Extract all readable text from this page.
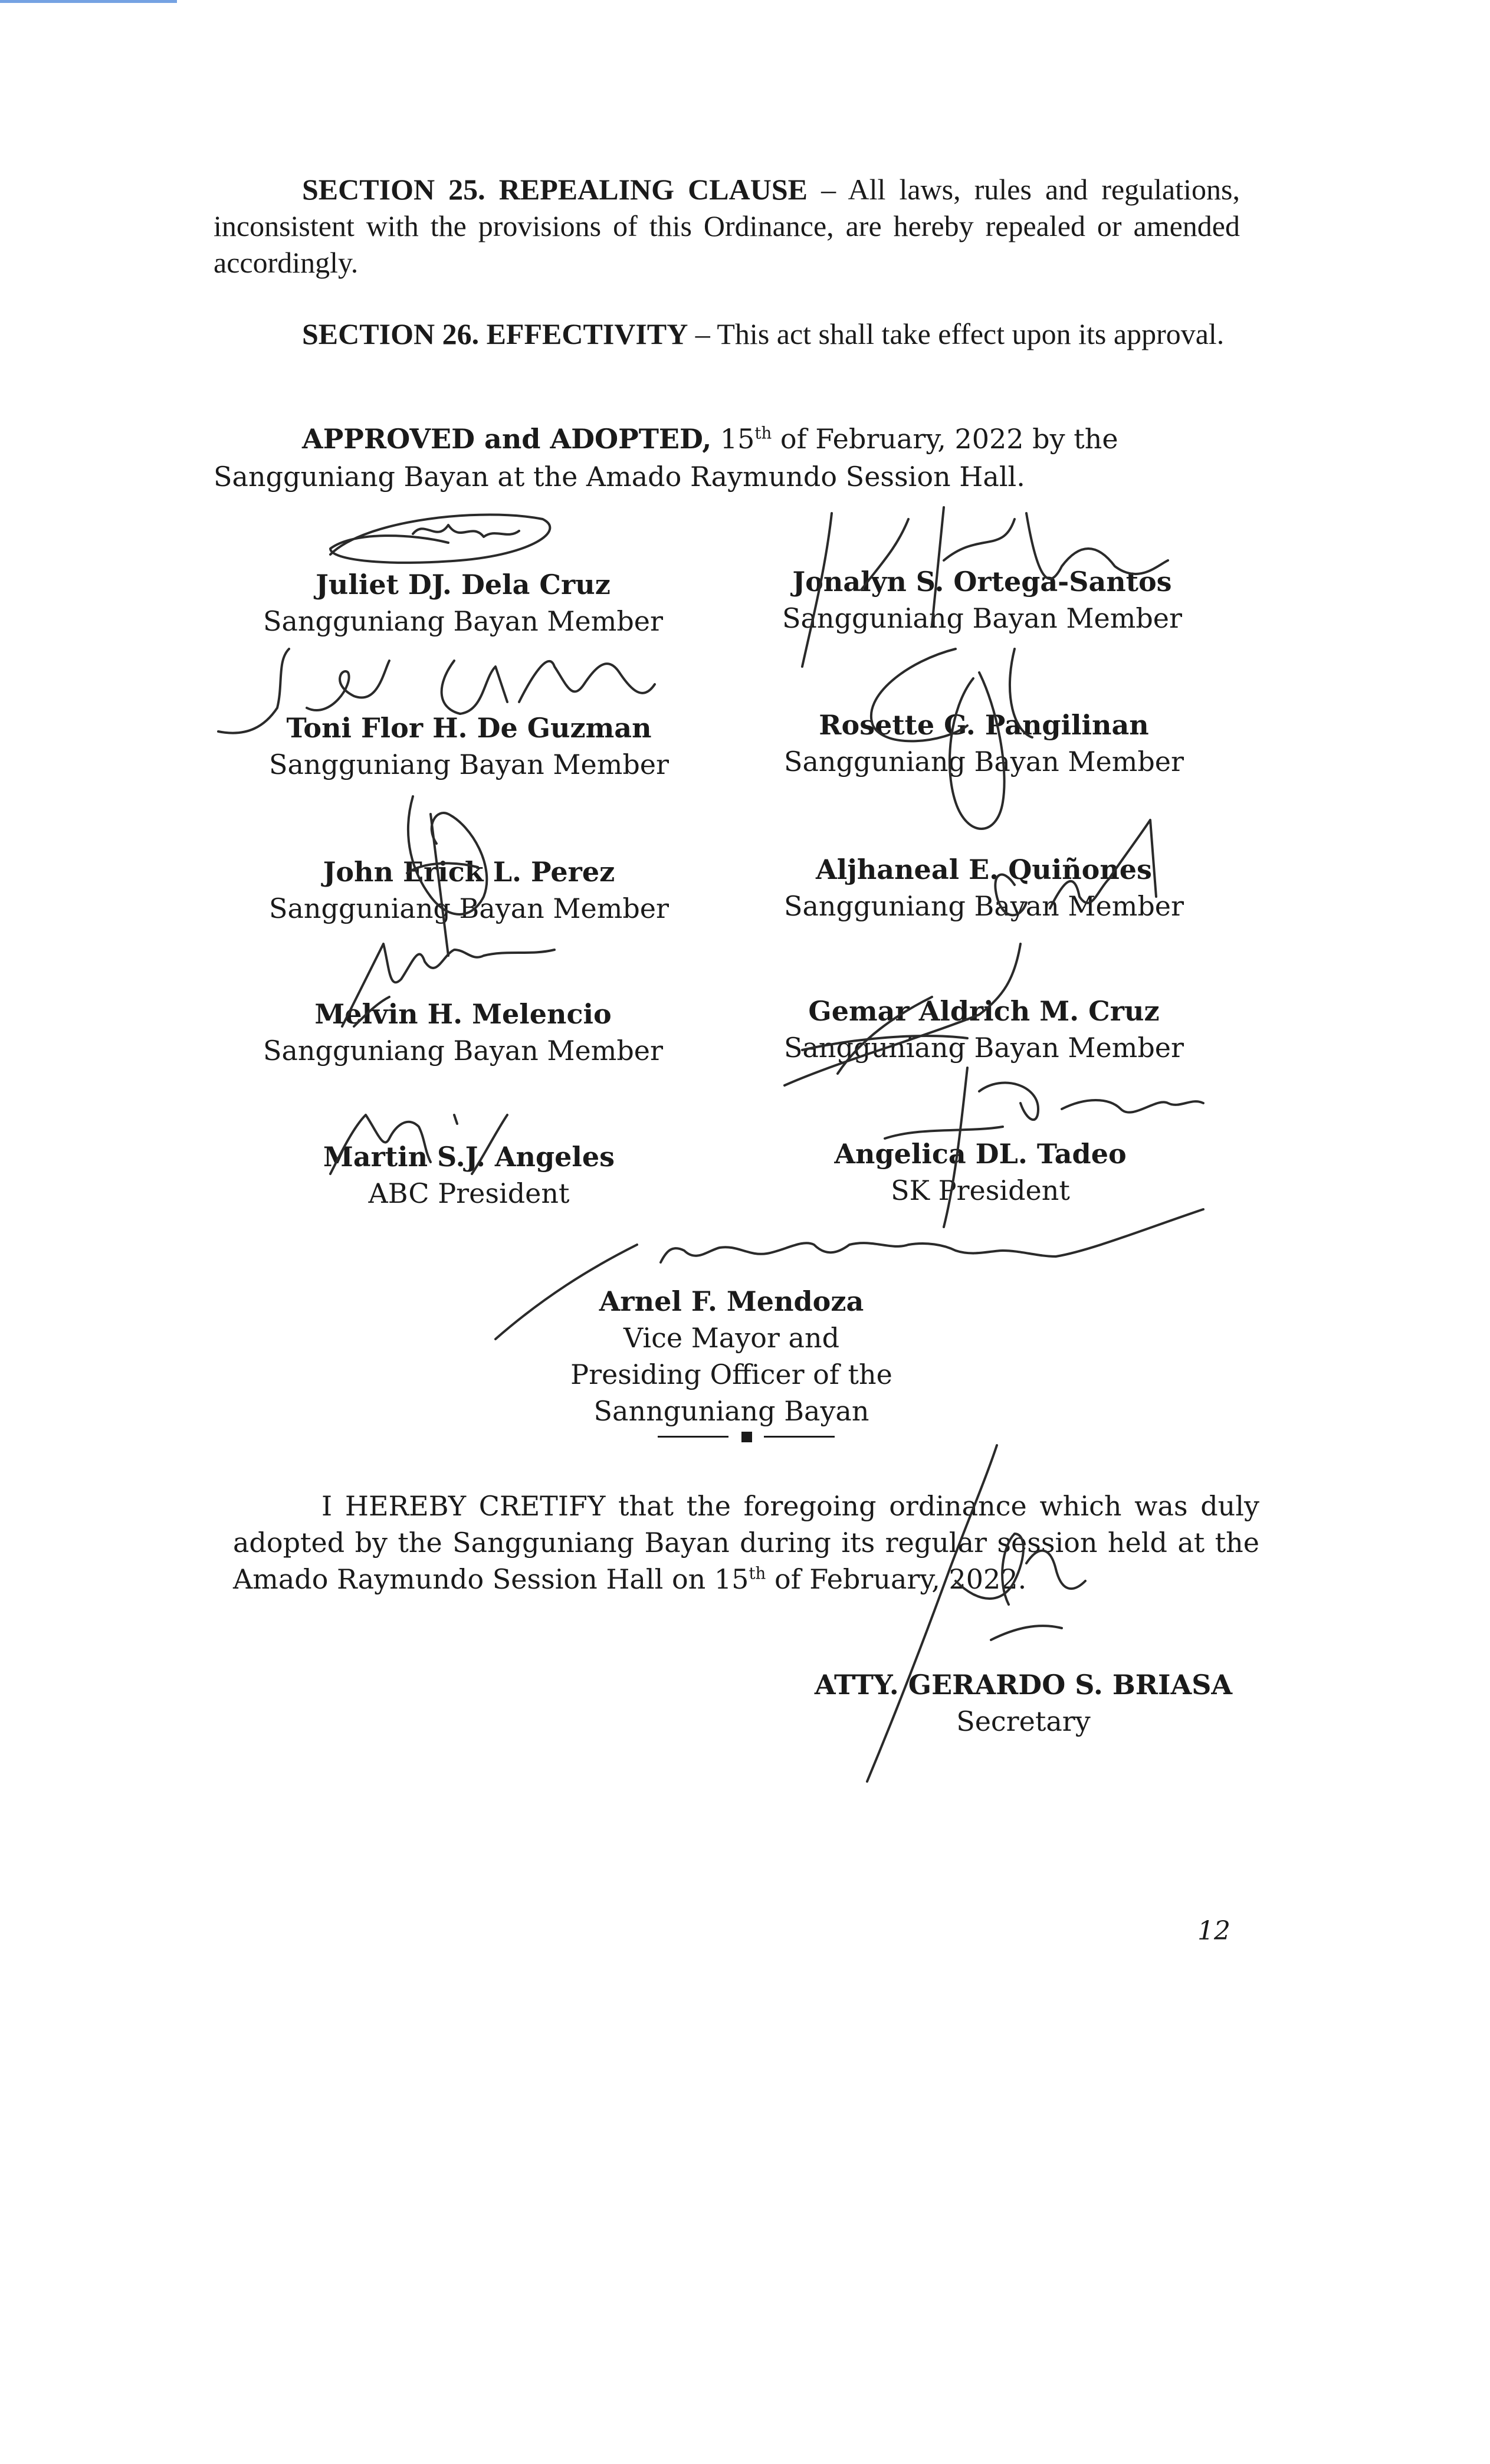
SECTION 25. REPEALING CLAUSE – All laws, rules and regulations, inconsistent with the provisions of this Ordinance, are hereby repealed or amended accordingly.
SECTION 26. EFFECTIVITY – This act shall take effect upon its approval.
APPROVED and ADOPTED, 15th of February, 2022 by the Sangguniang Bayan at the Amado Raymundo Session Hall.
Juliet DJ. Dela Cruz
Sangguniang Bayan Member
Jonalyn S. Ortega-Santos
Sangguniang Bayan Member
Toni Flor H. De Guzman
Sangguniang Bayan Member
Rosette G. Pangilinan
Sangguniang Bayan Member
John Erick L. Perez
Sangguniang Bayan Member
Aljhaneal E. Quiñones
Sangguniang Bayan Member
Melvin H. Melencio
Sangguniang Bayan Member
Gemar Aldrich M. Cruz
Sangguniang Bayan Member
Martin S.J. Angeles
ABC President
Angelica DL. Tadeo
SK President
Arnel F. Mendoza
Vice Mayor and
Presiding Officer of the Sannguniang Bayan
I HEREBY CRETIFY that the foregoing ordinance which was duly adopted by the Sangguniang Bayan during its regular session held at the Amado Raymundo Session Hall on 15th of February, 2022.
ATTY. GERARDO S. BRIASA
Secretary
12
